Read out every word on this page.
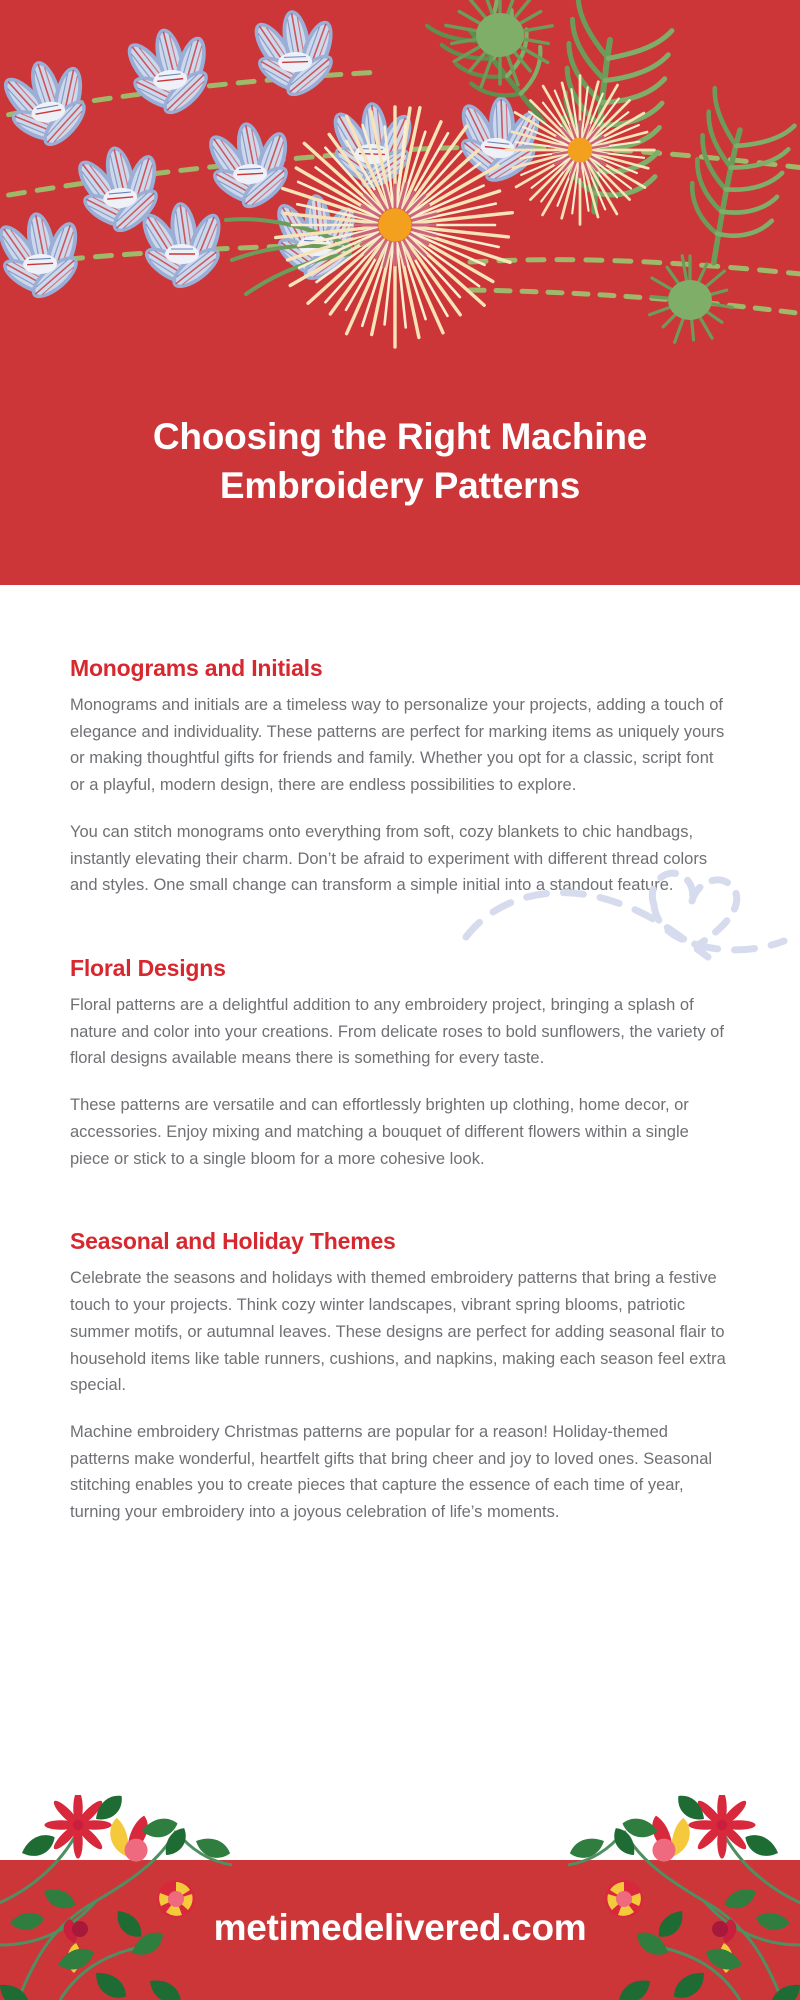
Choosing the Right Machine
Embroidery Patterns
Monograms and Initials

Monograms and initials are a timeless way to personalize your projects, adding a touch of elegance and individuality. These patterns are perfect for marking items as uniquely yours or making thoughtful gifts for friends and family. Whether you opt for a classic, script font or a playful, modern design, there are endless possibilities to explore.

You can stitch monograms onto everything from soft, cozy blankets to chic handbags, instantly elevating their charm. Don’t be afraid to experiment with different thread colors and styles. One small change can transform a simple initial into a standout feature.

Floral Designs

Floral patterns are a delightful addition to any embroidery project, bringing a splash of nature and color into your creations. From delicate roses to bold sunflowers, the variety of floral designs available means there is something for every taste.

These patterns are versatile and can effortlessly brighten up clothing, home decor, or accessories. Enjoy mixing and matching a bouquet of different flowers within a single piece or stick to a single bloom for a more cohesive look.

Seasonal and Holiday Themes

Celebrate the seasons and holidays with themed embroidery patterns that bring a festive touch to your projects. Think cozy winter landscapes, vibrant spring blooms, patriotic summer motifs, or autumnal leaves. These designs are perfect for adding seasonal flair to household items like table runners, cushions, and napkins, making each season feel extra special.

Machine embroidery Christmas patterns are popular for a reason! Holiday-themed patterns make wonderful, heartfelt gifts that bring cheer and joy to loved ones. Seasonal stitching enables you to create pieces that capture the essence of each time of year, turning your embroidery into a joyous celebration of life’s moments.

metimedelivered.com
